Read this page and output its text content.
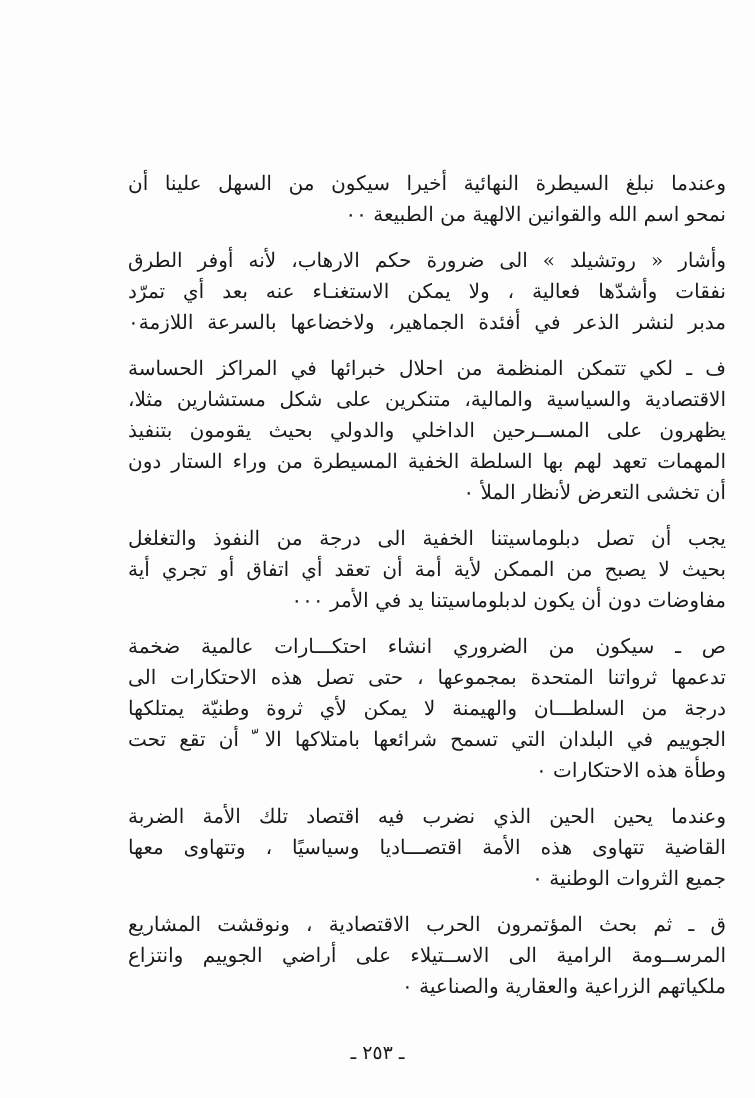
وعندما نبلغ السيطرة النهائية أخيرا سيكون من السهل علينا أن
نمحو اسم الله والقوانين الالهية من الطبيعة ٠٠
وأشار « روتشيلد » الى ضرورة حكم الارهاب، لأنه أوفر الطرق
نفقات وأشدّها فعالية ، ولا يمكن الاستغنـاء عنه بعد أي تمرّد
مدبر لنشر الذعر في أفئدة الجماهير، ولاخضاعها بالسرعة اللازمة٠
ف ـ لكي تتمكن المنظمة من احلال خبرائها في المراكز الحساسة
الاقتصادية والسياسية والمالية، متنكرين على شكل مستشارين مثلا،
يظهرون على المســرحين الداخلي والدولي بحيث يقومون بتنفيذ
المهمات تعهد لهم بها السلطة الخفية المسيطرة من وراء الستار دون
أن تخشى التعرض لأنظار الملأ ٠
يجب أن تصل دبلوماسيتنا الخفية الى درجة من النفوذ والتغلغل
بحيث لا يصبح من الممكن لأية أمة أن تعقد أي اتفاق أو تجري أية
مفاوضات دون أن يكون لدبلوماسيتنا يد في الأمر ٠٠٠
ص ـ سيكون من الضروري انشاء احتكـــارات عالمية ضخمة
تدعمها ثرواتنا المتحدة بمجموعها ، حتى تصل هذه الاحتكارات الى
درجة من السلطـــان والهيمنة لا يمكن لأي ثروة وطنيّة يمتلكها
الجوييم في البلدان التي تسمح شرائعها بامتلاكها الا ّ أن تقع تحت
وطأة هذه الاحتكارات ٠
وعندما يحين الحين الذي نضرب فيه اقتصاد تلك الأمة الضربة
القاضية تتهاوى هذه الأمة اقتصـــاديا وسياسيًا ، وتتهاوى معها
جميع الثروات الوطنية ٠
ق ـ ثم بحث المؤتمرون الحرب الاقتصادية ، ونوقشت المشاريع
المرســومة الرامية الى الاســتيلاء على أراضي الجوييم وانتزاع
ملكياتهم الزراعية والعقارية والصناعية ٠
ـ ٢٥٣ ـ
